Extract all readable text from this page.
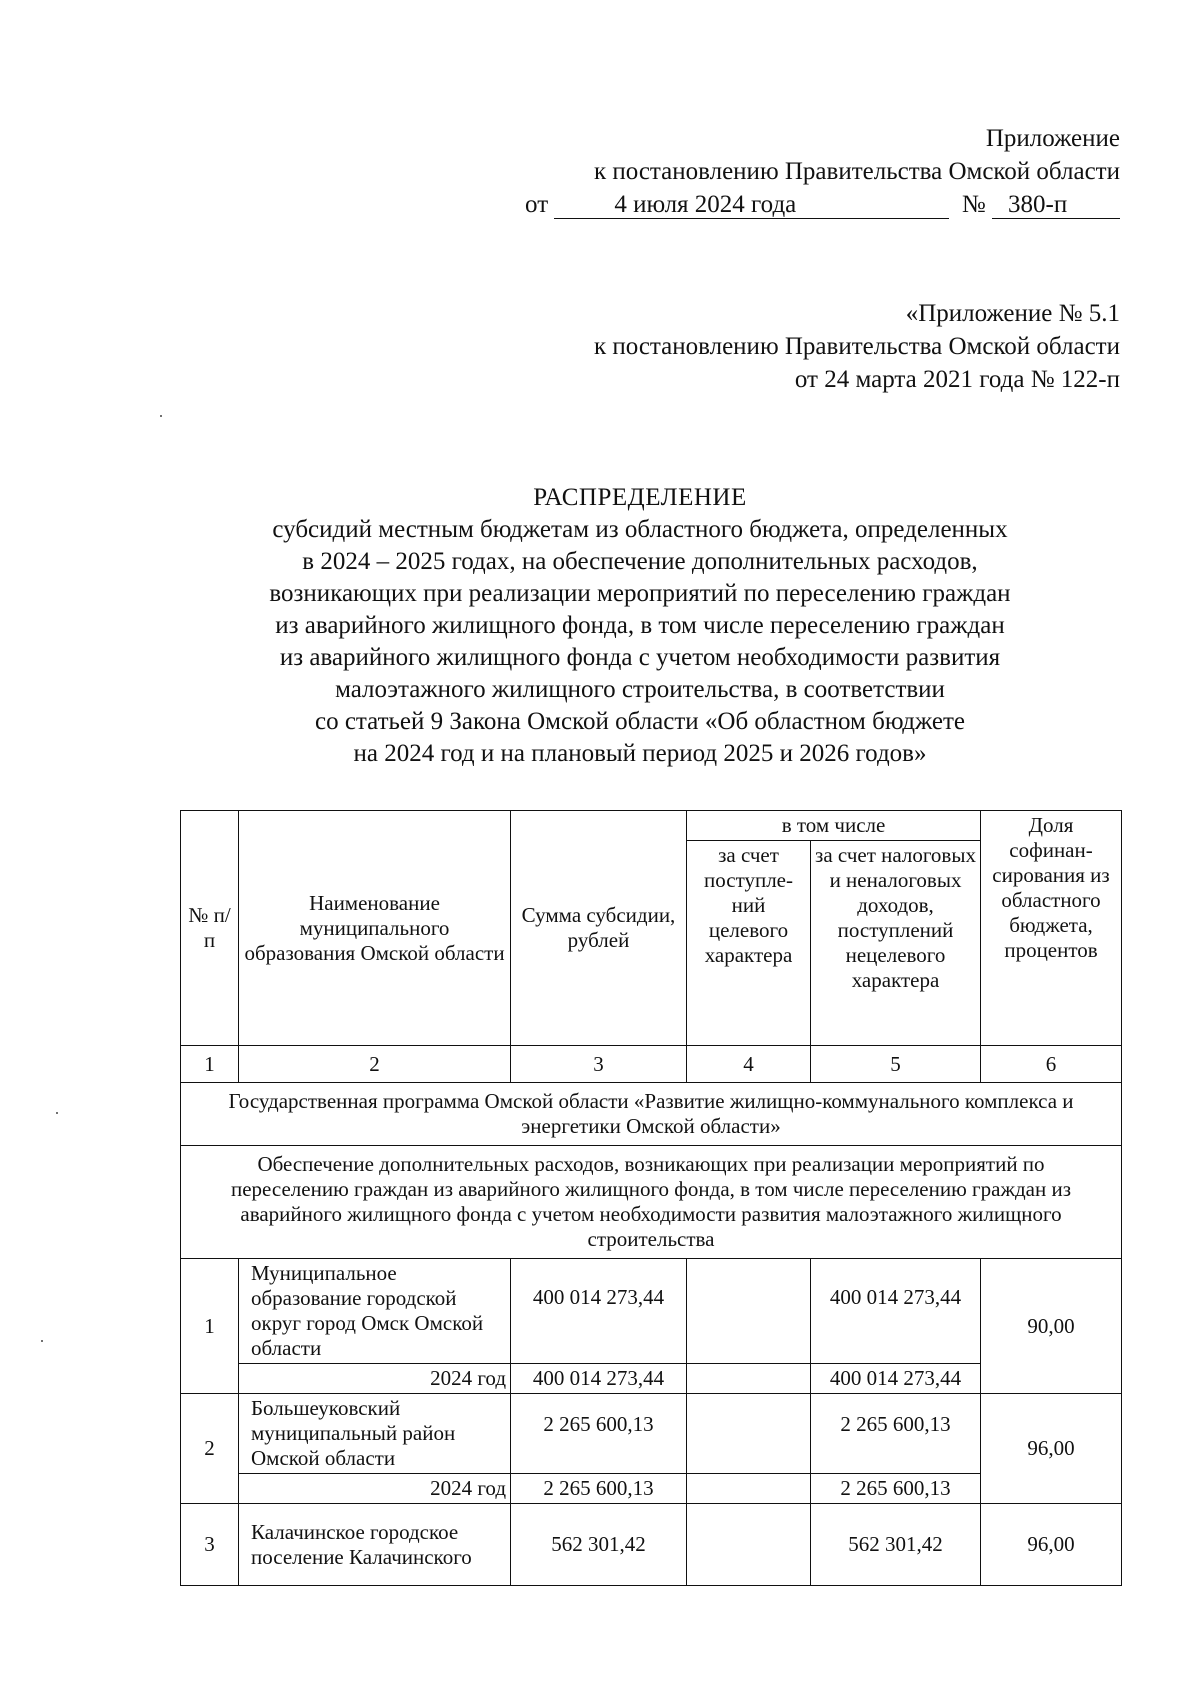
Приложение
к постановлению Правительства Омской области
от	4 июля 2024 года	№ 380-п
«Приложение № 5.1
к постановлению Правительства Омской области
от 24 марта 2021 года № 122-п
РАСПРЕДЕЛЕНИЕ
субсидий местным бюджетам из областного бюджета, определенных
в 2024 – 2025 годах, на обеспечение дополнительных расходов,
возникающих при реализации мероприятий по переселению граждан
из аварийного жилищного фонда, в том числе переселению граждан
из аварийного жилищного фонда с учетом необходимости развития
малоэтажного жилищного строительства, в соответствии
со статьей 9 Закона Омской области «Об областном бюджете
на 2024 год и на плановый период 2025 и 2026 годов»
№ п/п	Наименование муниципального образования Омской области	Сумма субсидии, рублей	в том числе		Доля софинан-сирования из областного бюджета, процентов
			за счет поступле-ний целевого характера	за счет налоговых и неналоговых доходов, поступлений нецелевого характера	
1	2	3	4	5	6
Государственная программа Омской области «Развитие жилищно-коммунального комплекса и энергетики Омской области»					
Обеспечение дополнительных расходов, возникающих при реализации мероприятий по переселению граждан из аварийного жилищного фонда, в том числе переселению граждан из аварийного жилищного фонда с учетом необходимости развития малоэтажного жилищного строительства					
1	Муниципальное образование городской округ город Омск Омской области	400 014 273,44		400 014 273,44	90,00
	2024 год	400 014 273,44		400 014 273,44	
2	Большеуковский муниципальный район Омской области	2 265 600,13		2 265 600,13	96,00
	2024 год	2 265 600,13		2 265 600,13	
3	Калачинское городское поселение Калачинского	562 301,42		562 301,42	96,00
